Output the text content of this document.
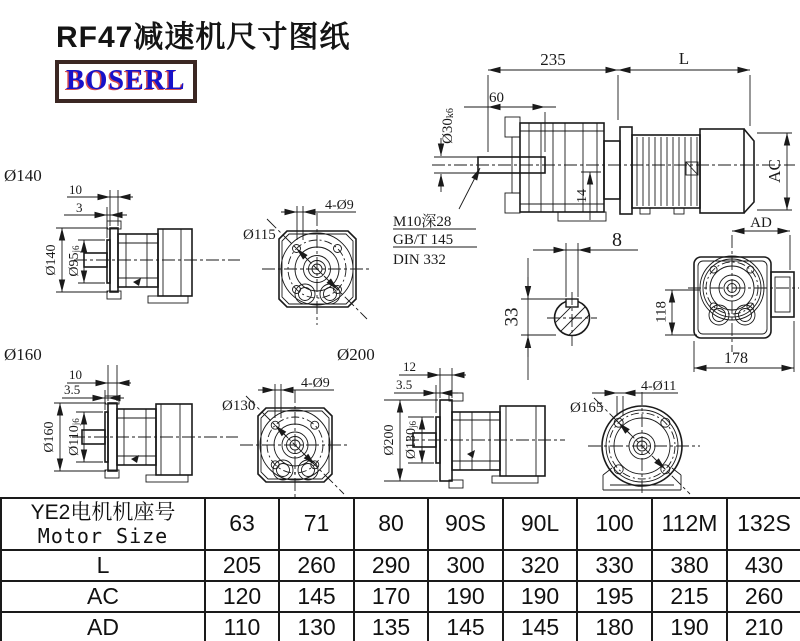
RF47减速机尺寸图纸
BOSERL
Ø140
10
3
Ø140 Ø95j6
Ø115
4-Ø9
235	L
60
Ø30k6
14
AC
AD
M10深28
GB/T 145
DIN 332
8
33	118
178
Ø160
10
3.5
Ø160 Ø110j6
Ø130
4-Ø9
Ø200
12
3.5
Ø200 Ø130j6
Ø165
4-Ø11
YE2电机机座号
Motor Size	63	71	80	90S	90L	100	112M	132S
L	205	260	290	300	320	330	380	430
AC	120	145	170	190	190	195	215	260
AD	110	130	135	145	145	180	190	210
